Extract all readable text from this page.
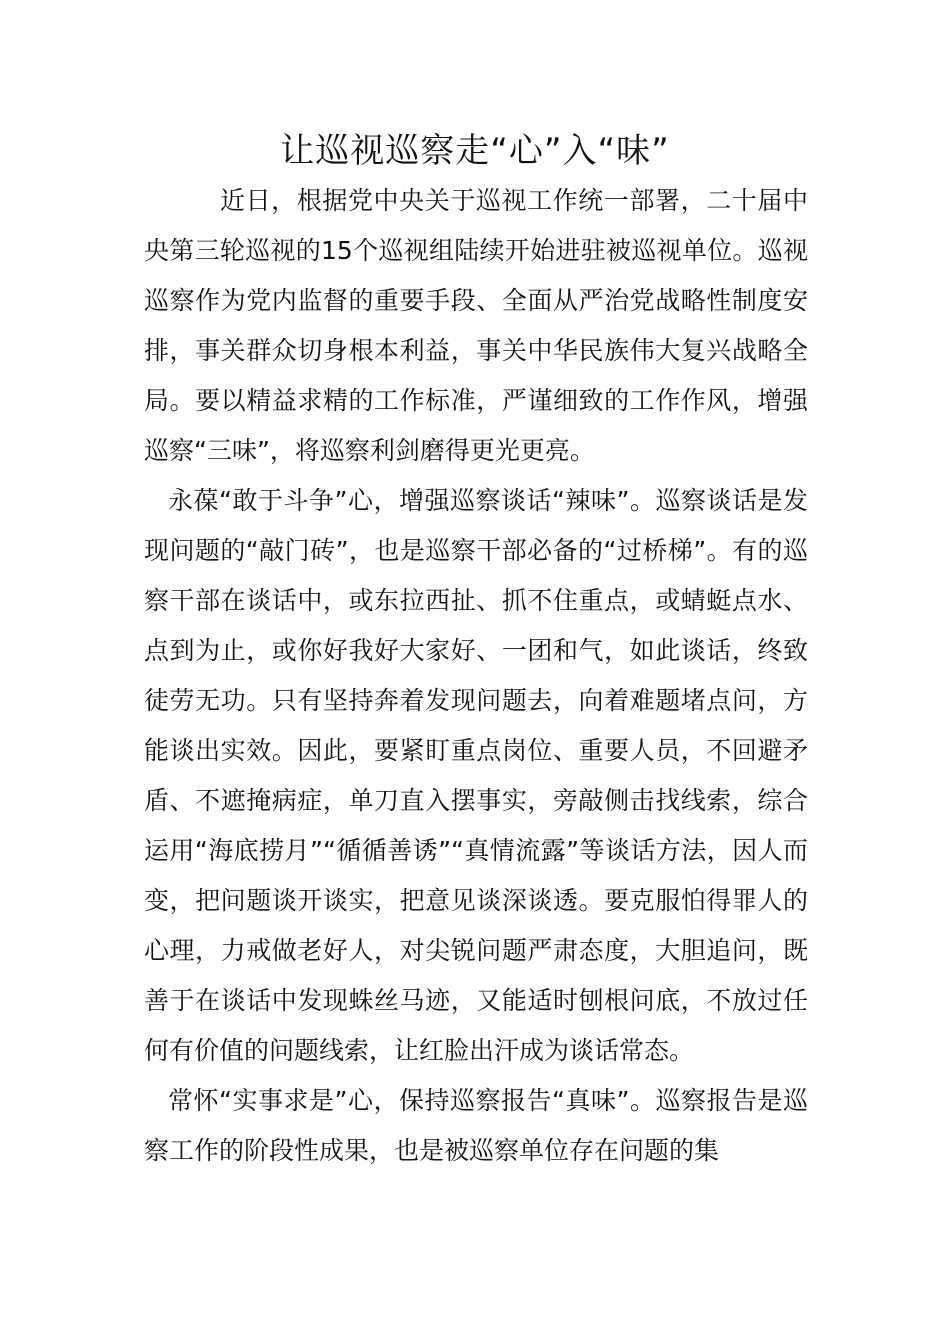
让巡视巡察走“心”入“味”

近日，根据党中央关于巡视工作统一部署，二十届中央第三轮巡视的15个巡视组陆续开始进驻被巡视单位。巡视巡察作为党内监督的重要手段、全面从严治党战略性制度安排，事关群众切身根本利益，事关中华民族伟大复兴战略全局。要以精益求精的工作标准，严谨细致的工作作风，增强巡察“三味”，将巡察利剑磨得更光更亮。

永葆“敢于斗争”心，增强巡察谈话“辣味”。巡察谈话是发现问题的“敲门砖”，也是巡察干部必备的“过桥梯”。有的巡察干部在谈话中，或东拉西扯、抓不住重点，或蜻蜓点水、点到为止，或你好我好大家好、一团和气，如此谈话，终致徒劳无功。只有坚持奔着发现问题去，向着难题堵点问，方能谈出实效。因此，要紧盯重点岗位、重要人员，不回避矛盾、不遮掩病症，单刀直入摆事实，旁敲侧击找线索，综合运用“海底捞月”“循循善诱”“真情流露”等谈话方法，因人而变，把问题谈开谈实，把意见谈深谈透。要克服怕得罪人的心理，力戒做老好人，对尖锐问题严肃态度，大胆追问，既善于在谈话中发现蛛丝马迹，又能适时刨根问底，不放过任何有价值的问题线索，让红脸出汗成为谈话常态。

常怀“实事求是”心，保持巡察报告“真味”。巡察报告是巡察工作的阶段性成果，也是被巡察单位存在问题的集
